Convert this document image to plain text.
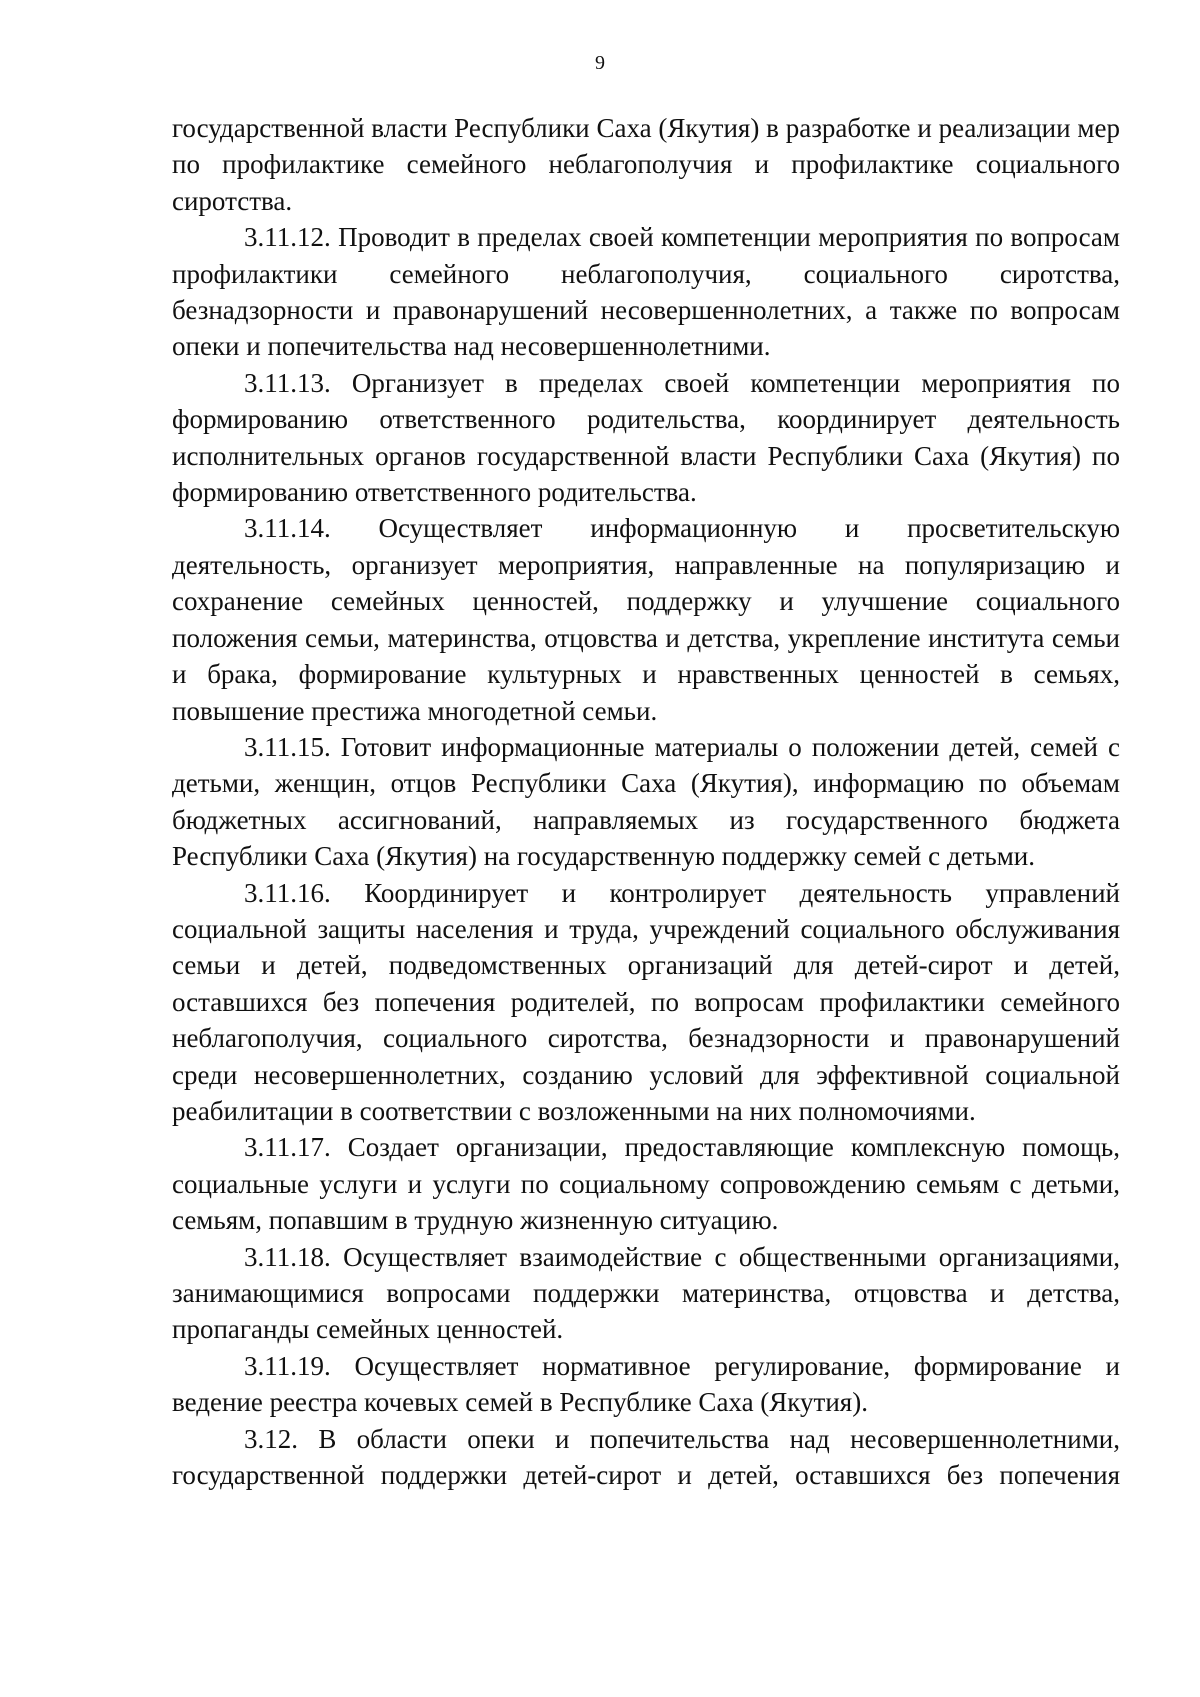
9

государственной власти Республики Саха (Якутия) в разработке и реализации мер по профилактике семейного неблагополучия и профилактике социального сиротства.

3.11.12. Проводит в пределах своей компетенции мероприятия по вопросам профилактики семейного неблагополучия, социального сиротства, безнадзорности и правонарушений несовершеннолетних, а также по вопросам опеки и попечительства над несовершеннолетними.

3.11.13. Организует в пределах своей компетенции мероприятия по формированию ответственного родительства, координирует деятельность исполнительных органов государственной власти Республики Саха (Якутия) по формированию ответственного родительства.

3.11.14. Осуществляет информационную и просветительскую деятельность, организует мероприятия, направленные на популяризацию и сохранение семейных ценностей, поддержку и улучшение социального положения семьи, материнства, отцовства и детства, укрепление института семьи и брака, формирование культурных и нравственных ценностей в семьях, повышение престижа многодетной семьи.

3.11.15. Готовит информационные материалы о положении детей, семей с детьми, женщин, отцов Республики Саха (Якутия), информацию по объемам бюджетных ассигнований, направляемых из государственного бюджета Республики Саха (Якутия) на государственную поддержку семей с детьми.

3.11.16. Координирует и контролирует деятельность управлений социальной защиты населения и труда, учреждений социального обслуживания семьи и детей, подведомственных организаций для детей-сирот и детей, оставшихся без попечения родителей, по вопросам профилактики семейного неблагополучия, социального сиротства, безнадзорности и правонарушений среди несовершеннолетних, созданию условий для эффективной социальной реабилитации в соответствии с возложенными на них полномочиями.

3.11.17. Создает организации, предоставляющие комплексную помощь, социальные услуги и услуги по социальному сопровождению семьям с детьми, семьям, попавшим в трудную жизненную ситуацию.

3.11.18. Осуществляет взаимодействие с общественными организациями, занимающимися вопросами поддержки материнства, отцовства и детства, пропаганды семейных ценностей.

3.11.19. Осуществляет нормативное регулирование, формирование и ведение реестра кочевых семей в Республике Саха (Якутия).

3.12. В области опеки и попечительства над несовершеннолетними, государственной поддержки детей-сирот и детей, оставшихся без попечения
